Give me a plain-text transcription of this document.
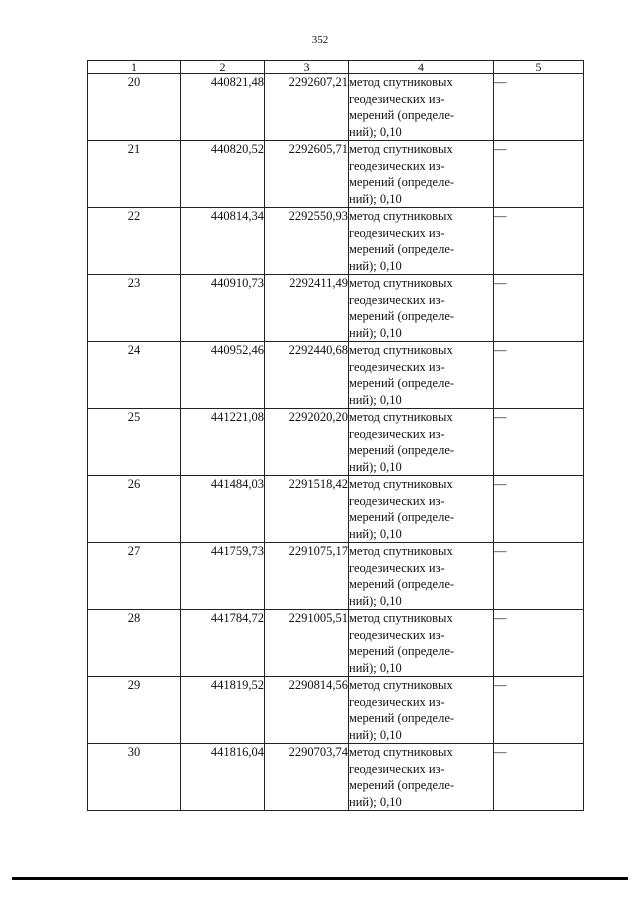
352
1	2	3	4	5
20	440821,48	2292607,21	метод спутниковых
геодезических из-
мерений (определе-
ний); 0,10	—
21	440820,52	2292605,71	метод спутниковых
геодезических из-
мерений (определе-
ний); 0,10	—
22	440814,34	2292550,93	метод спутниковых
геодезических из-
мерений (определе-
ний); 0,10	—
23	440910,73	2292411,49	метод спутниковых
геодезических из-
мерений (определе-
ний); 0,10	—
24	440952,46	2292440,68	метод спутниковых
геодезических из-
мерений (определе-
ний); 0,10	—
25	441221,08	2292020,20	метод спутниковых
геодезических из-
мерений (определе-
ний); 0,10	—
26	441484,03	2291518,42	метод спутниковых
геодезических из-
мерений (определе-
ний); 0,10	—
27	441759,73	2291075,17	метод спутниковых
геодезических из-
мерений (определе-
ний); 0,10	—
28	441784,72	2291005,51	метод спутниковых
геодезических из-
мерений (определе-
ний); 0,10	—
29	441819,52	2290814,56	метод спутниковых
геодезических из-
мерений (определе-
ний); 0,10	—
30	441816,04	2290703,74	метод спутниковых
геодезических из-
мерений (определе-
ний); 0,10	—
